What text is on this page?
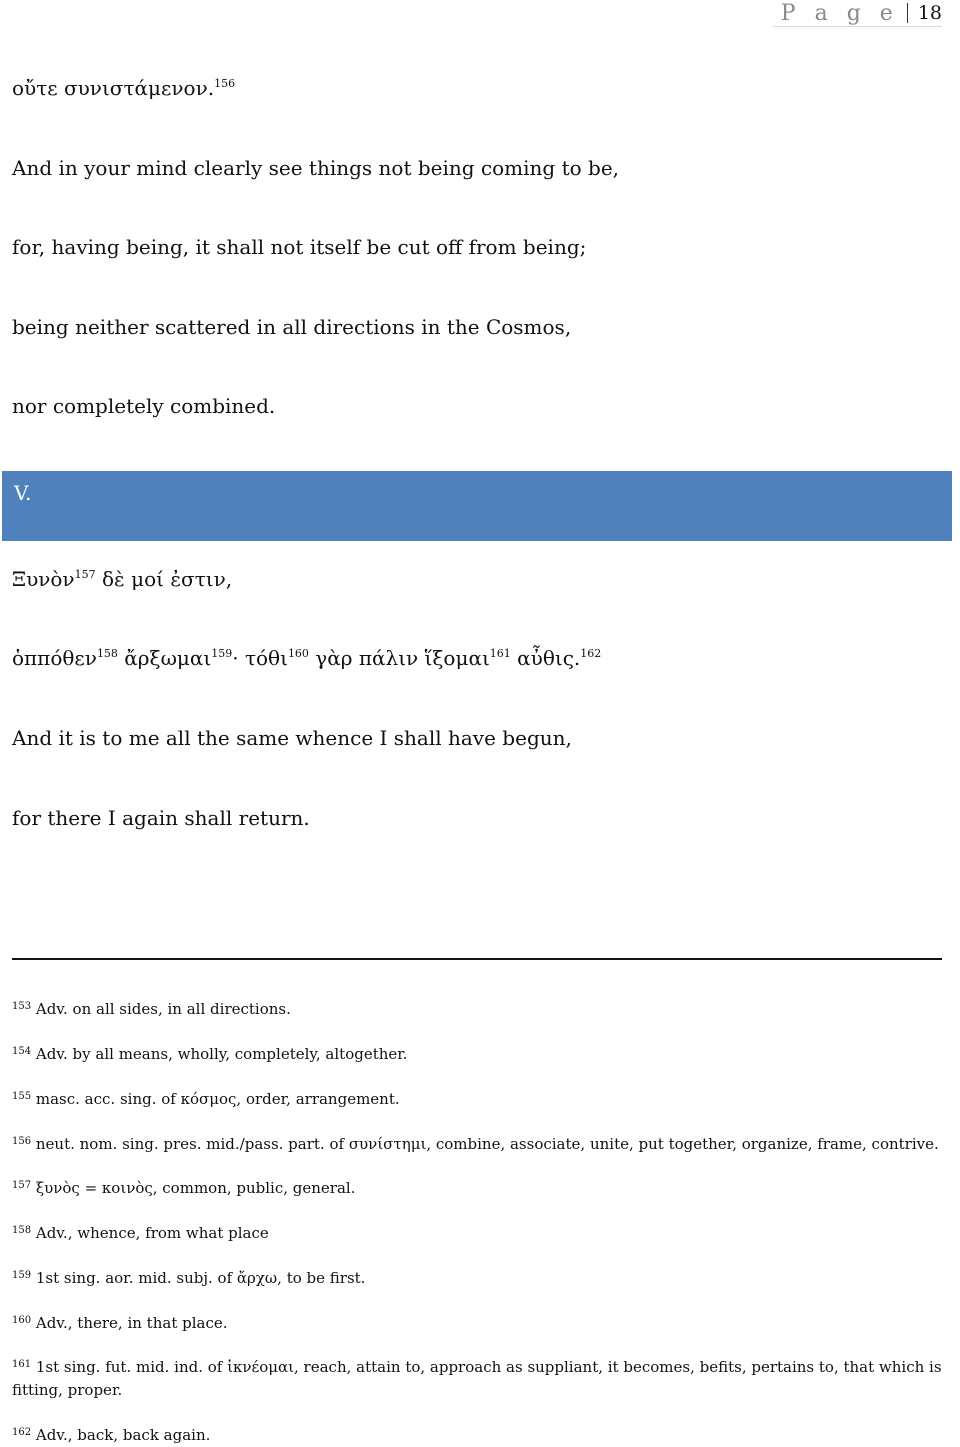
P a g e	18
οὔτε συνιστάμενον.$^{156}$
And in your mind clearly see things not being coming to be,
for, having being, it shall not itself be cut off from being;
being neither scattered in all directions in the Cosmos,
nor completely combined.
V.
Ξυνὸν$^{157}$ δὲ μοί ἐστιν,
ὁππόθεν$^{158}$ ἄρξωμαι$^{159}$· τόθι$^{160}$ γὰρ πάλιν ἵξομαι$^{161}$ αὖθις.$^{162}$
And it is to me all the same whence I shall have begun,
for there I again shall return.
$^{153}$ Adv. on all sides, in all directions.
$^{154}$ Adv. by all means, wholly, completely, altogether.
$^{155}$ masc. acc. sing. of κόσμος, order, arrangement.
$^{156}$ neut. nom. sing. pres. mid./pass. part. of συνίστημι, combine, associate, unite, put together, organize, frame, contrive.
$^{157}$ ξυνὸς = κοινὸς, common, public, general.
$^{158}$ Adv., whence, from what place
$^{159}$ 1st sing. aor. mid. subj. of ἄρχω, to be first.
$^{160}$ Adv., there, in that place.
$^{161}$ 1st sing. fut. mid. ind. of ἱκνέομαι, reach, attain to, approach as suppliant, it becomes, befits, pertains to, that which is fitting, proper.
$^{162}$ Adv., back, back again.
